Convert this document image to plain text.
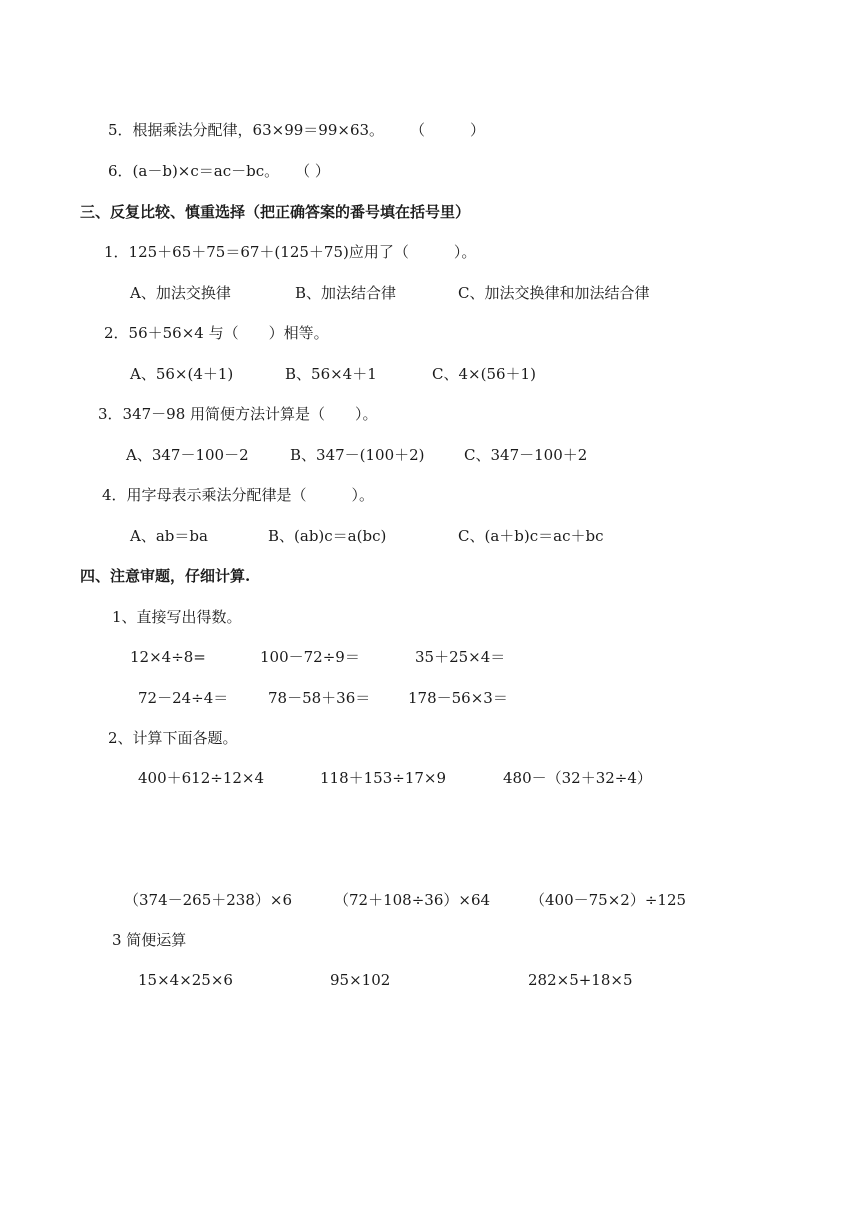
5．根据乘法分配律，63×99＝99×63。 （　　　）
6．(a－b)×c＝ac－bc。 （ ）
三、反复比较、慎重选择（把正确答案的番号填在括号里）
1．125＋65＋75＝67＋(125＋75)应用了（　　　）。
A、加法交换律	B、加法结合律	C、加法交换律和加法结合律
2．56＋56×4 与（　　）相等。
A、56×(4＋1)	B、56×4＋1	C、4×(56＋1)
3．347－98 用简便方法计算是（　　）。
A、347－100－2	B、347－(100＋2)	C、347－100＋2
4．用字母表示乘法分配律是（　　　）。
A、ab＝ba	B、(ab)c＝a(bc)	C、(a＋b)c＝ac＋bc
四、注意审题，仔细计算.
1、直接写出得数。
12×4÷8=	100－72÷9＝	35＋25×4＝
72－24÷4＝	78－58＋36＝	178－56×3＝
2、计算下面各题。
400＋612÷12×4	118＋153÷17×9	480－（32＋32÷4）
（374－265＋238）×6	（72＋108÷36）×64	（400－75×2）÷125
3 简便运算
15×4×25×6	95×102	282×5+18×5
